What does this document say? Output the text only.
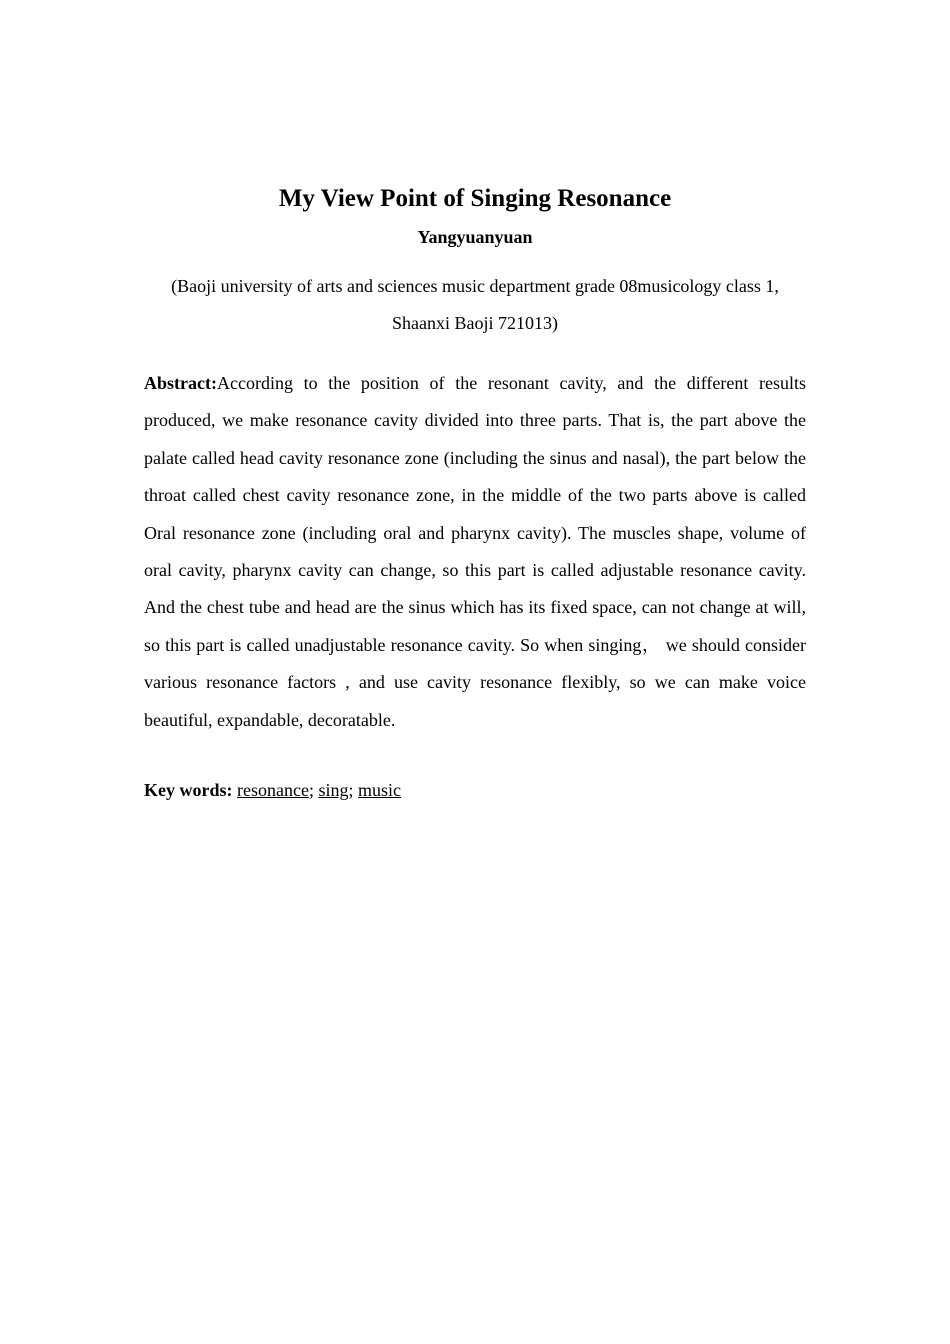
My View Point of Singing Resonance
Yangyuanyuan
(Baoji university of arts and sciences music department grade 08musicology class 1,
Shaanxi Baoji 721013)

Abstract:According to the position of the resonant cavity, and the different results produced, we make resonance cavity divided into three parts. That is, the part above the palate called head cavity resonance zone (including the sinus and nasal), the part below the throat called chest cavity resonance zone, in the middle of the two parts above is called Oral resonance zone (including oral and pharynx cavity). The muscles shape, volume of oral cavity, pharynx cavity can change, so this part is called adjustable resonance cavity. And the chest tube and head are the sinus which has its fixed space, can not change at will, so this part is called unadjustable resonance cavity. So when singing， we should consider various resonance factors , and use cavity resonance flexibly, so we can make voice beautiful, expandable, decoratable.

Key words: resonance; sing; music
